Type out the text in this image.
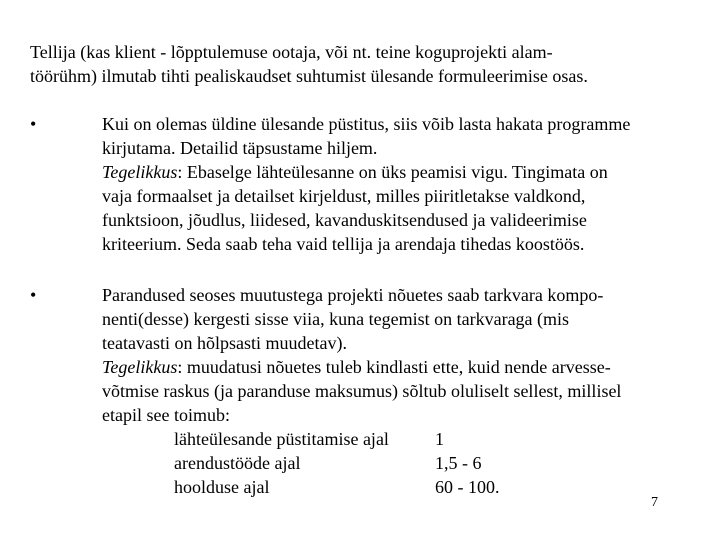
Tellija (kas klient - lõpptulemuse ootaja, või nt. teine koguprojekti alam-
töörühm) ilmutab tihti pealiskaudset suhtumist ülesande formuleerimise osas.
•	Kui on olemas üldine ülesande püstitus, siis võib lasta hakata programme
kirjutama. Detailid täpsustame hiljem.
Tegelikkus: Ebaselge lähteülesanne on üks peamisi vigu. Tingimata on
vaja formaalset ja detailset kirjeldust, milles piiritletakse valdkond,
funktsioon, jõudlus, liidesed, kavanduskitsendused ja valideerimise
kriteerium. Seda saab teha vaid tellija ja arendaja tihedas koostöös.
•	Parandused seoses muutustega projekti nõuetes saab tarkvara kompo-
nenti(desse) kergesti sisse viia, kuna tegemist on tarkvaraga (mis
teatavasti on hõlpsasti muudetav).
Tegelikkus: muudatusi nõuetes tuleb kindlasti ette, kuid nende arvesse-
võtmise raskus (ja paranduse maksumus) sõltub oluliselt sellest, millisel
etapil see toimub:
lähteülesande püstitamise ajal	1
arendustööde ajal	1,5 - 6
hoolduse ajal	60 - 100.
7
